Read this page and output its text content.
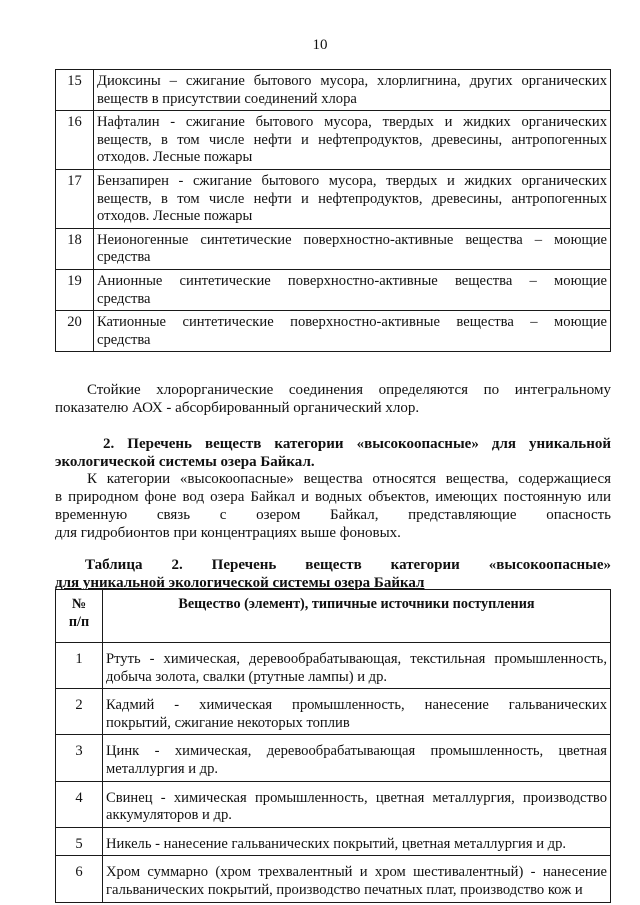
10
15	Диоксины – сжигание бытового мусора, хлорлигнина, других органических
веществ в присутствии соединений хлора

16	Нафталин - сжигание бытового мусора, твердых и жидких органических
веществ, в том числе нефти и нефтепродуктов, древесины, антропогенных
отходов. Лесные пожары

17	Бензапирен - сжигание бытового мусора, твердых и жидких органических
веществ, в том числе нефти и нефтепродуктов, древесины, антропогенных
отходов. Лесные пожары

18	Неионогенные синтетические поверхностно-активные вещества – моющие
средства

19	Анионные синтетические поверхностно-активные вещества – моющие
средства

20	Катионные синтетические поверхностно-активные вещества – моющие
средства
Стойкие хлорорганические соединения определяются по интегральному
показателю АОХ - абсорбированный органический хлор.
2. Перечень веществ категории «высокоопасные» для уникальной
экологической системы озера Байкал.
К категории «высокоопасные» вещества относятся вещества, содержащиеся
в природном фоне вод озера Байкал и водных объектов, имеющих постоянную или
временную связь с озером Байкал, представляющие опасность
для гидробионтов при концентрациях выше фоновых.
Таблица 2. Перечень веществ категории «высокоопасные»
для уникальной экологической системы озера Байкал
№
п/п	Вещество (элемент), типичные источники поступления
1	Ртуть - химическая, деревообрабатывающая, текстильная промышленность,
добыча золота, свалки (ртутные лампы) и др.

2	Кадмий - химическая промышленность, нанесение гальванических
покрытий, сжигание некоторых топлив

3	Цинк - химическая, деревообрабатывающая промышленность, цветная
металлургия и др.

4	Свинец - химическая промышленность, цветная металлургия, производство
аккумуляторов и др.

5	Никель - нанесение гальванических покрытий, цветная металлургия и др.

6	Хром суммарно (хром трехвалентный и хром шестивалентный) - нанесение
гальванических покрытий, производство печатных плат, производство кож и
